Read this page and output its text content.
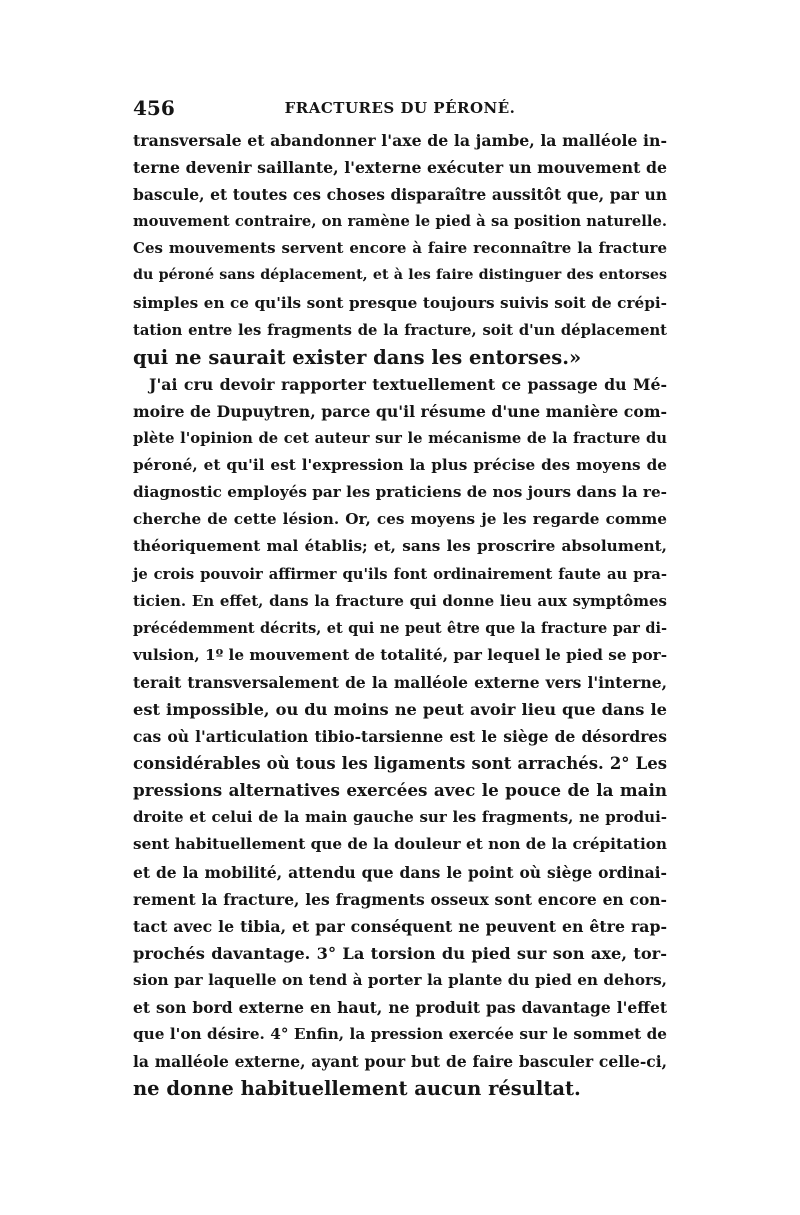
456	FRACTURES DU PÉRONÉ.
transversale et abandonner l'axe de la jambe, la malléole in-
terne devenir saillante, l'externe exécuter un mouvement de
bascule, et toutes ces choses disparaître aussitôt que, par un
mouvement contraire, on ramène le pied à sa position naturelle.
Ces mouvements servent encore à faire reconnaître la fracture
du péroné sans déplacement, et à les faire distinguer des entorses
simples en ce qu'ils sont presque toujours suivis soit de crépi-
tation entre les fragments de la fracture, soit d'un déplacement
qui ne saurait exister dans les entorses.»
J'ai cru devoir rapporter textuellement ce passage du Mé-
moire de Dupuytren, parce qu'il résume d'une manière com-
plète l'opinion de cet auteur sur le mécanisme de la fracture du
péroné, et qu'il est l'expression la plus précise des moyens de
diagnostic employés par les praticiens de nos jours dans la re-
cherche de cette lésion. Or, ces moyens je les regarde comme
théoriquement mal établis; et, sans les proscrire absolument,
je crois pouvoir affirmer qu'ils font ordinairement faute au pra-
ticien. En effet, dans la fracture qui donne lieu aux symptômes
précédemment décrits, et qui ne peut être que la fracture par di-
vulsion, 1º le mouvement de totalité, par lequel le pied se por-
terait transversalement de la malléole externe vers l'interne,
est impossible, ou du moins ne peut avoir lieu que dans le
cas où l'articulation tibio-tarsienne est le siège de désordres
considérables où tous les ligaments sont arrachés. 2° Les
pressions alternatives exercées avec le pouce de la main
droite et celui de la main gauche sur les fragments, ne produi-
sent habituellement que de la douleur et non de la crépitation
et de la mobilité, attendu que dans le point où siège ordinai-
rement la fracture, les fragments osseux sont encore en con-
tact avec le tibia, et par conséquent ne peuvent en être rap-
prochés davantage. 3° La torsion du pied sur son axe, tor-
sion par laquelle on tend à porter la plante du pied en dehors,
et son bord externe en haut, ne produit pas davantage l'effet
que l'on désire. 4° Enfin, la pression exercée sur le sommet de
la malléole externe, ayant pour but de faire basculer celle-ci,
ne donne habituellement aucun résultat.
